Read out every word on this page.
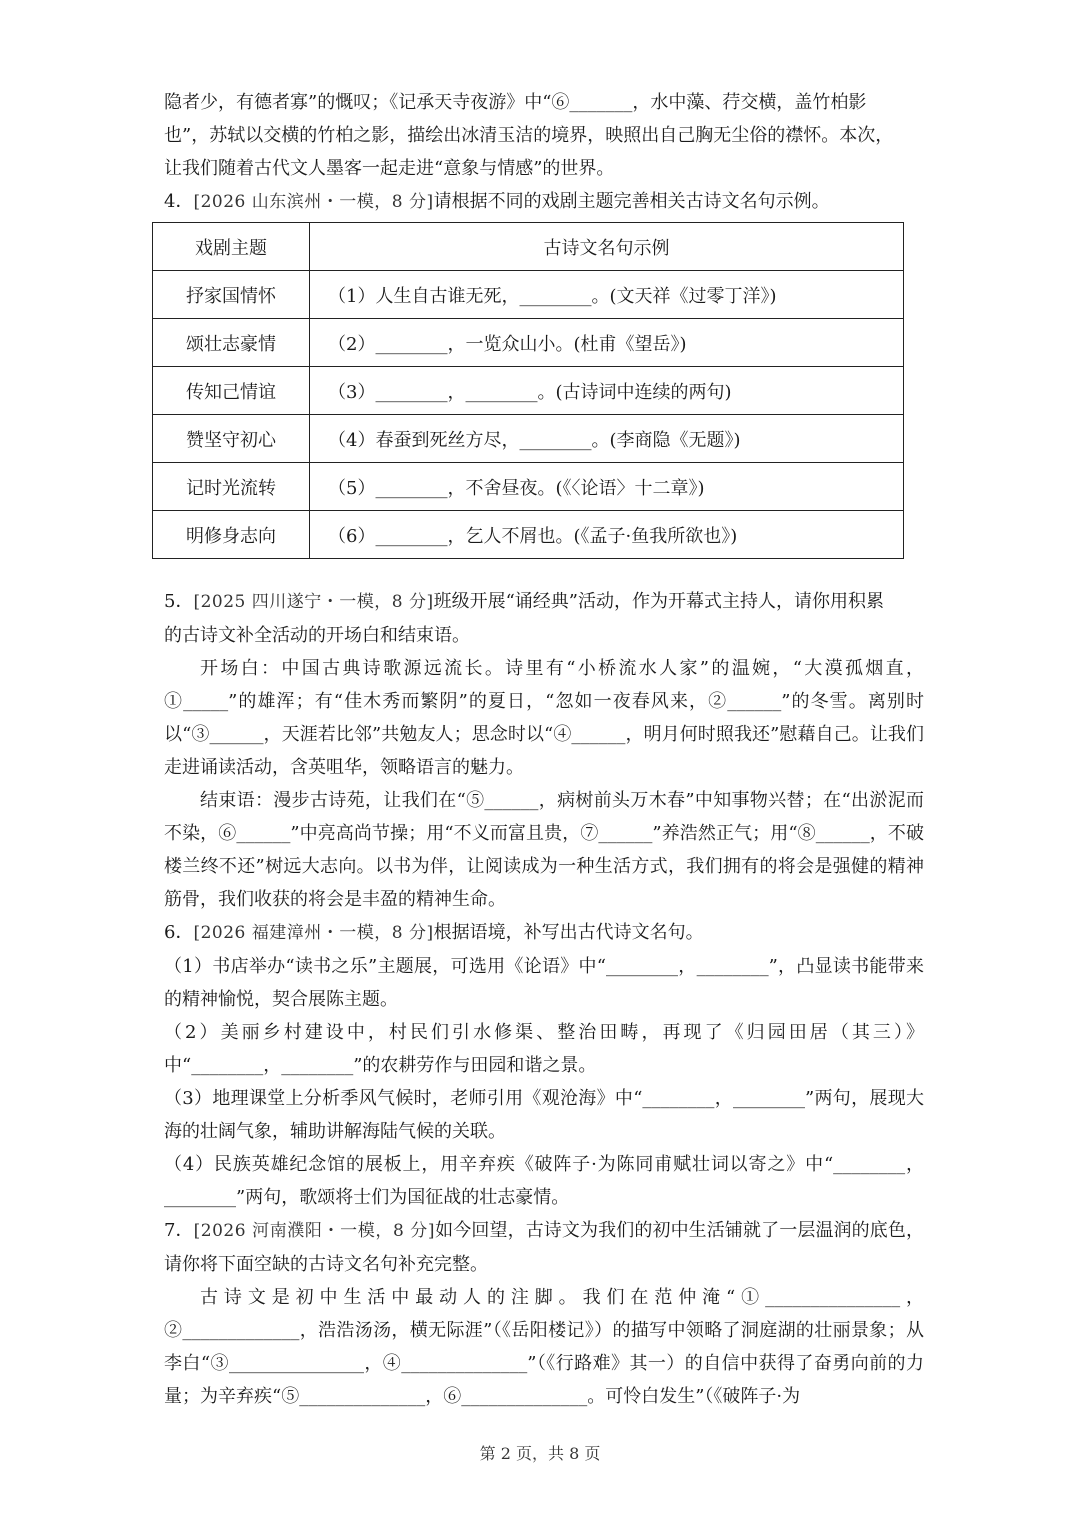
隐者少，有德者寡”的慨叹；《记承天寺夜游》中“⑥_______，水中藻、荇交横，盖竹柏影

也”，苏轼以交横的竹柏之影，描绘出冰清玉洁的境界，映照出自己胸无尘俗的襟怀。本次，

让我们随着古代文人墨客一起走进“意象与情感”的世界。

4．[2026 山东滨州・一模，8 分]请根据不同的戏剧主题完善相关古诗文名句示例。

戏剧主题	古诗文名句示例
抒家国情怀	（1）人生自古谁无死，________。(文天祥《过零丁洋》)
颂壮志豪情	（2）________，一览众山小。(杜甫《望岳》)
传知己情谊	（3）________，________。(古诗词中连续的两句)
赞坚守初心	（4）春蚕到死丝方尽，________。(李商隐《无题》)
记时光流转	（5）________，不舍昼夜。(《〈论语〉十二章》)
明修身志向	（6）________，乞人不屑也。(《孟子·鱼我所欲也》)

5．[2025 四川遂宁・一模，8 分]班级开展“诵经典”活动，作为开幕式主持人，请你用积累

的古诗文补全活动的开场白和结束语。

开场白：中国古典诗歌源远流长。诗里有“小桥流水人家”的温婉，“大漠孤烟直，①_____”的雄浑；有“佳木秀而繁阴”的夏日，“忽如一夜春风来，②______”的冬雪。离别时以“③______，天涯若比邻”共勉友人；思念时以“④______，明月何时照我还”慰藉自己。让我们走进诵读活动，含英咀华，领略语言的魅力。

结束语：漫步古诗苑，让我们在“⑤______，病树前头万木春”中知事物兴替；在“出淤泥而不染，⑥______”中亮高尚节操；用“不义而富且贵，⑦______”养浩然正气；用“⑧______，不破楼兰终不还”树远大志向。以书为伴，让阅读成为一种生活方式，我们拥有的将会是强健的精神筋骨，我们收获的将会是丰盈的精神生命。

6．[2026 福建漳州・一模，8 分]根据语境，补写出古代诗文名句。

（1）书店举办“读书之乐”主题展，可选用《论语》中“________，________”，凸显读书能带来的精神愉悦，契合展陈主题。

（2）美丽乡村建设中，村民们引水修渠、整治田畴，再现了《归园田居（其三）》中“________，________”的农耕劳作与田园和谐之景。

（3）地理课堂上分析季风气候时，老师引用《观沧海》中“________，________”两句，展现大海的壮阔气象，辅助讲解海陆气候的关联。

（4）民族英雄纪念馆的展板上，用辛弃疾《破阵子·为陈同甫赋壮词以寄之》中“________，________”两句，歌颂将士们为国征战的壮志豪情。

7．[2026 河南濮阳・一模，8 分]如今回望，古诗文为我们的初中生活铺就了一层温润的底色，请你将下面空缺的古诗文名句补充完整。

古诗文是初中生活中最动人的注脚。我们在范仲淹“①_______________，②_____________，浩浩汤汤，横无际涯”（《岳阳楼记》）的描写中领略了洞庭湖的壮丽景象；从李白“③_______________，④______________”（《行路难》其一）的自信中获得了奋勇向前的力量；为辛弃疾“⑤______________，⑥______________。可怜白发生”（《破阵子·为

第 2 页，共 8 页
